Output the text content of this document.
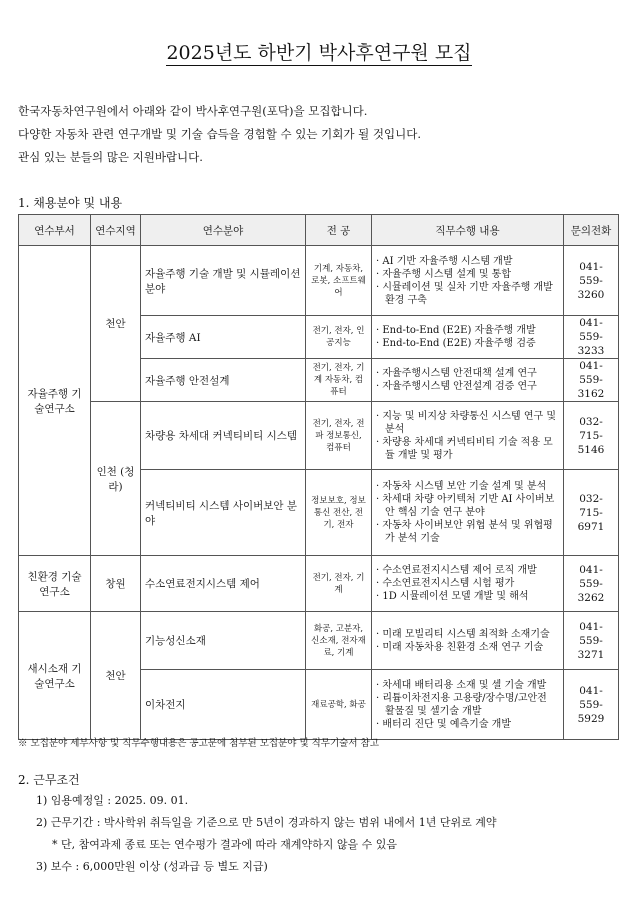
2025년도 하반기 박사후연구원 모집
한국자동차연구원에서 아래와 같이 박사후연구원(포닥)을 모집합니다.
다양한 자동차 관련 연구개발 및 기술 습득을 경험할 수 있는 기회가 될 것입니다.
관심 있는 분들의 많은 지원바랍니다.
1. 채용분야 및 내용
연수부서	연수지역	연수분야	전 공	직무수행 내용	문의전화
자율주행 기술연구소	천안	자율주행 기술 개발 및 시뮬레이션 분야	기계, 자동차, 로봇, 소프트웨어	· AI 기반 자율주행 시스템 개발
· 자율주행 시스템 설계 및 통합
· 시뮬레이션 및 실차 기반 자율주행 개발 환경 구축	041-559-3260
		자율주행 AI	전기, 전자, 인공지능	· End-to-End (E2E) 자율주행 개발
· End-to-End (E2E) 자율주행 검증	041-559-3233
		자율주행 안전설계	전기, 전자, 기계 자동차, 컴퓨터	· 자율주행시스템 안전대책 설계 연구
· 자율주행시스템 안전설계 검증 연구	041-559-3162
	인천 (청라)	차량용 차세대 커넥티비티 시스템	전기, 전자, 전파 정보통신, 컴퓨터	· 지능 및 비지상 차량통신 시스템 연구 및 분석
· 차량용 차세대 커넥티비티 기술 적용 모듈 개발 및 평가	032-715-5146
		커넥티비티 시스템 사이버보안 분야	정보보호, 정보통신 전산, 전기, 전자	· 자동차 시스템 보안 기술 설계 및 분석
· 차세대 차량 아키텍처 기반 AI 사이버보안 핵심 기술 연구 분야
· 자동차 사이버보안 위협 분석 및 위협평가 분석 기술	032-715-6971
친환경 기술연구소	창원	수소연료전지시스템 제어	전기, 전자, 기계	· 수소연료전지시스템 제어 로직 개발
· 수소연료전지시스템 시험 평가
· 1D 시뮬레이션 모델 개발 및 해석	041-559-3262
새시소재 기술연구소	천안	기능성신소재	화공, 고분자, 신소재, 전자재료, 기계	· 미래 모빌리티 시스템 최적화 소재기술
· 미래 자동차용 친환경 소재 연구 기술	041-559-3271
		이차전지	재료공학, 화공	· 차세대 배터리용 소재 및 셀 기술 개발
· 리튬이차전지용 고용량/장수명/고안전 활물질 및 셀기술 개발
· 배터리 진단 및 예측기술 개발	041-559-5929
※ 모집분야 세부사항 및 직무수행내용은 공고문에 첨부된 모집분야 및 직무기술서 참고
2. 근무조건
1) 임용예정일 : 2025. 09. 01.
2) 근무기간 : 박사학위 취득일을 기준으로 만 5년이 경과하지 않는 범위 내에서 1년 단위로 계약
* 단, 참여과제 종료 또는 연수평가 결과에 따라 재계약하지 않을 수 있음
3) 보수 : 6,000만원 이상 (성과급 등 별도 지급)
